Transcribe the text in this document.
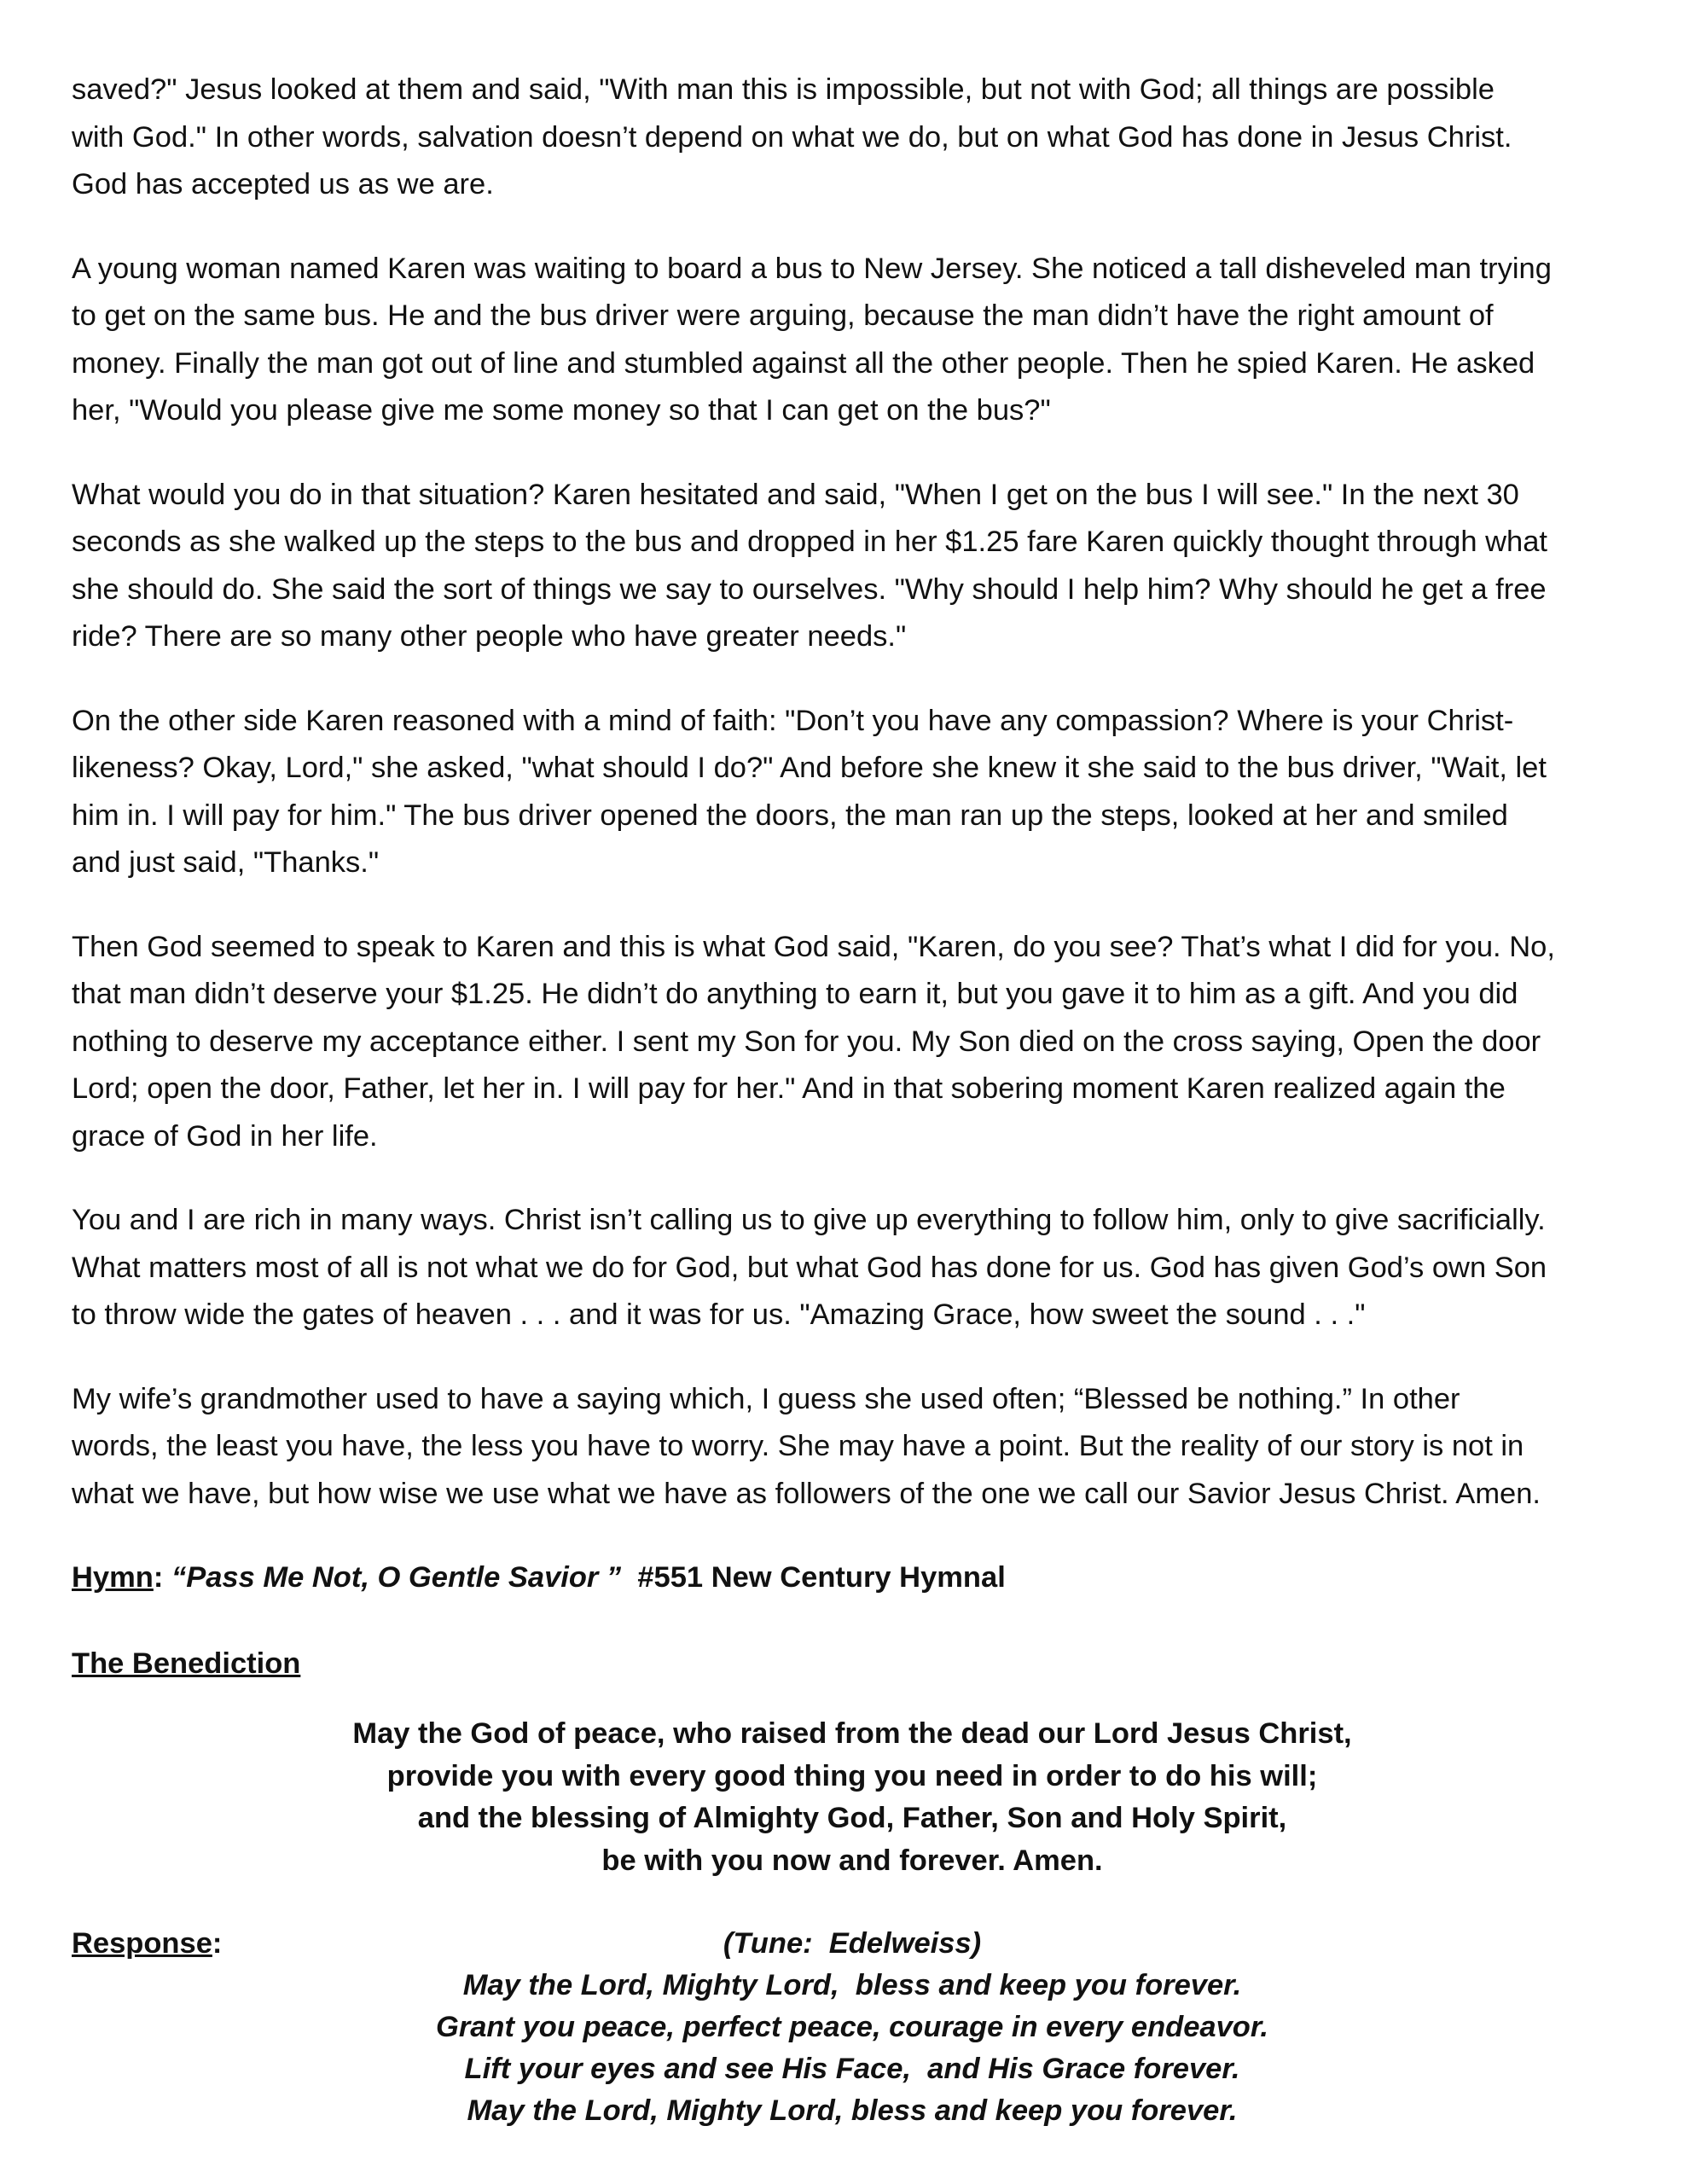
saved?" Jesus looked at them and said, "With man this is impossible, but not with God; all things are possible
with God." In other words, salvation doesn’t depend on what we do, but on what God has done in Jesus Christ.
God has accepted us as we are.

A young woman named Karen was waiting to board a bus to New Jersey. She noticed a tall disheveled man trying
to get on the same bus. He and the bus driver were arguing, because the man didn’t have the right amount of
money. Finally the man got out of line and stumbled against all the other people. Then he spied Karen. He asked
her, "Would you please give me some money so that I can get on the bus?"

What would you do in that situation? Karen hesitated and said, "When I get on the bus I will see." In the next 30
seconds as she walked up the steps to the bus and dropped in her $1.25 fare Karen quickly thought through what
she should do. She said the sort of things we say to ourselves. "Why should I help him? Why should he get a free
ride? There are so many other people who have greater needs."

On the other side Karen reasoned with a mind of faith: "Don’t you have any compassion? Where is your Christ-
likeness? Okay, Lord," she asked, "what should I do?" And before she knew it she said to the bus driver, "Wait, let
him in. I will pay for him." The bus driver opened the doors, the man ran up the steps, looked at her and smiled
and just said, "Thanks."

Then God seemed to speak to Karen and this is what God said, "Karen, do you see? That’s what I did for you. No,
that man didn’t deserve your $1.25. He didn’t do anything to earn it, but you gave it to him as a gift. And you did
nothing to deserve my acceptance either. I sent my Son for you. My Son died on the cross saying, Open the door
Lord; open the door, Father, let her in. I will pay for her." And in that sobering moment Karen realized again the
grace of God in her life.

You and I are rich in many ways. Christ isn’t calling us to give up everything to follow him, only to give sacrificially.
What matters most of all is not what we do for God, but what God has done for us. God has given God’s own Son
to throw wide the gates of heaven . . . and it was for us. "Amazing Grace, how sweet the sound . . ."

My wife’s grandmother used to have a saying which, I guess she used often; “Blessed be nothing.” In other
words, the least you have, the less you have to worry. She may have a point. But the reality of our story is not in
what we have, but how wise we use what we have as followers of the one we call our Savior Jesus Christ. Amen.

Hymn: “Pass Me Not, O Gentle Savior ”  #551 New Century Hymnal
The Benediction
May the God of peace, who raised from the dead our Lord Jesus Christ,
provide you with every good thing you need in order to do his will;
and the blessing of Almighty God, Father, Son and Holy Spirit,
be with you now and forever. Amen.
Response:	(Tune:  Edelweiss)
May the Lord, Mighty Lord,  bless and keep you forever.
Grant you peace, perfect peace, courage in every endeavor.
Lift your eyes and see His Face,  and His Grace forever.
May the Lord, Mighty Lord, bless and keep you forever.
